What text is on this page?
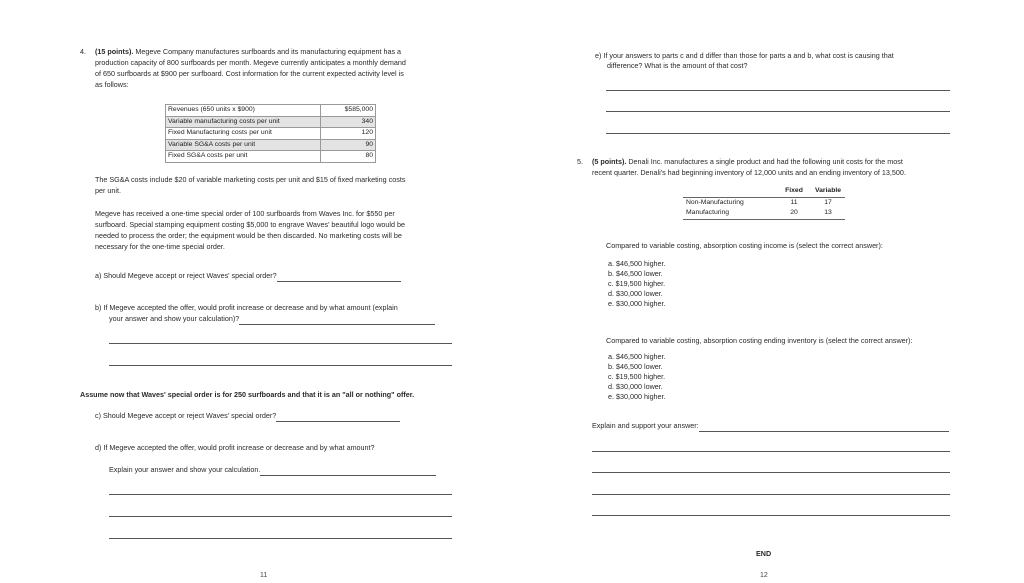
4. (15 points). Megeve Company manufactures surfboards and its manufacturing equipment has a
production capacity of 800 surfboards per month. Megeve currently anticipates a monthly demand
of 650 surfboards at $900 per surfboard. Cost information for the current expected activity level is
as follows:
Revenues (650 units x $900)	$585,000
Variable manufacturing costs per unit	340
Fixed Manufacturing costs per unit	120
Variable SG&A costs per unit	90
Fixed SG&A costs per unit	80
The SG&A costs include $20 of variable marketing costs per unit and $15 of fixed marketing costs
per unit.
Megeve has received a one-time special order of 100 surfboards from Waves Inc. for $550 per
surfboard. Special stamping equipment costing $5,000 to engrave Waves' beautiful logo would be
needed to process the order; the equipment would be then discarded. No marketing costs will be
necessary for the one-time special order.
a) Should Megeve accept or reject Waves' special order?
b) If Megeve accepted the offer, would profit increase or decrease and by what amount (explain
your answer and show your calculation)?
Assume now that Waves' special order is for 250 surfboards and that it is an "all or nothing" offer.
c) Should Megeve accept or reject Waves' special order?
d) If Megeve accepted the offer, would profit increase or decrease and by what amount?
Explain your answer and show your calculation.
11
e) If your answers to parts c and d differ than those for parts a and b, what cost is causing that
difference? What is the amount of that cost?
5. (5 points). Denali Inc. manufactures a single product and had the following unit costs for the most
recent quarter. Denali's had beginning inventory of 12,000 units and an ending inventory of 13,500.
	Fixed	Variable
Non-Manufacturing	11	17
Manufacturing	20	13
Compared to variable costing, absorption costing income is (select the correct answer):
a. $46,500 higher.
b. $46,500 lower.
c. $19,500 higher.
d. $30,000 lower.
e. $30,000 higher.
Compared to variable costing, absorption costing ending inventory is (select the correct answer):
a. $46,500 higher.
b. $46,500 lower.
c. $19,500 higher.
d. $30,000 lower.
e. $30,000 higher.
Explain and support your answer:
END
12
